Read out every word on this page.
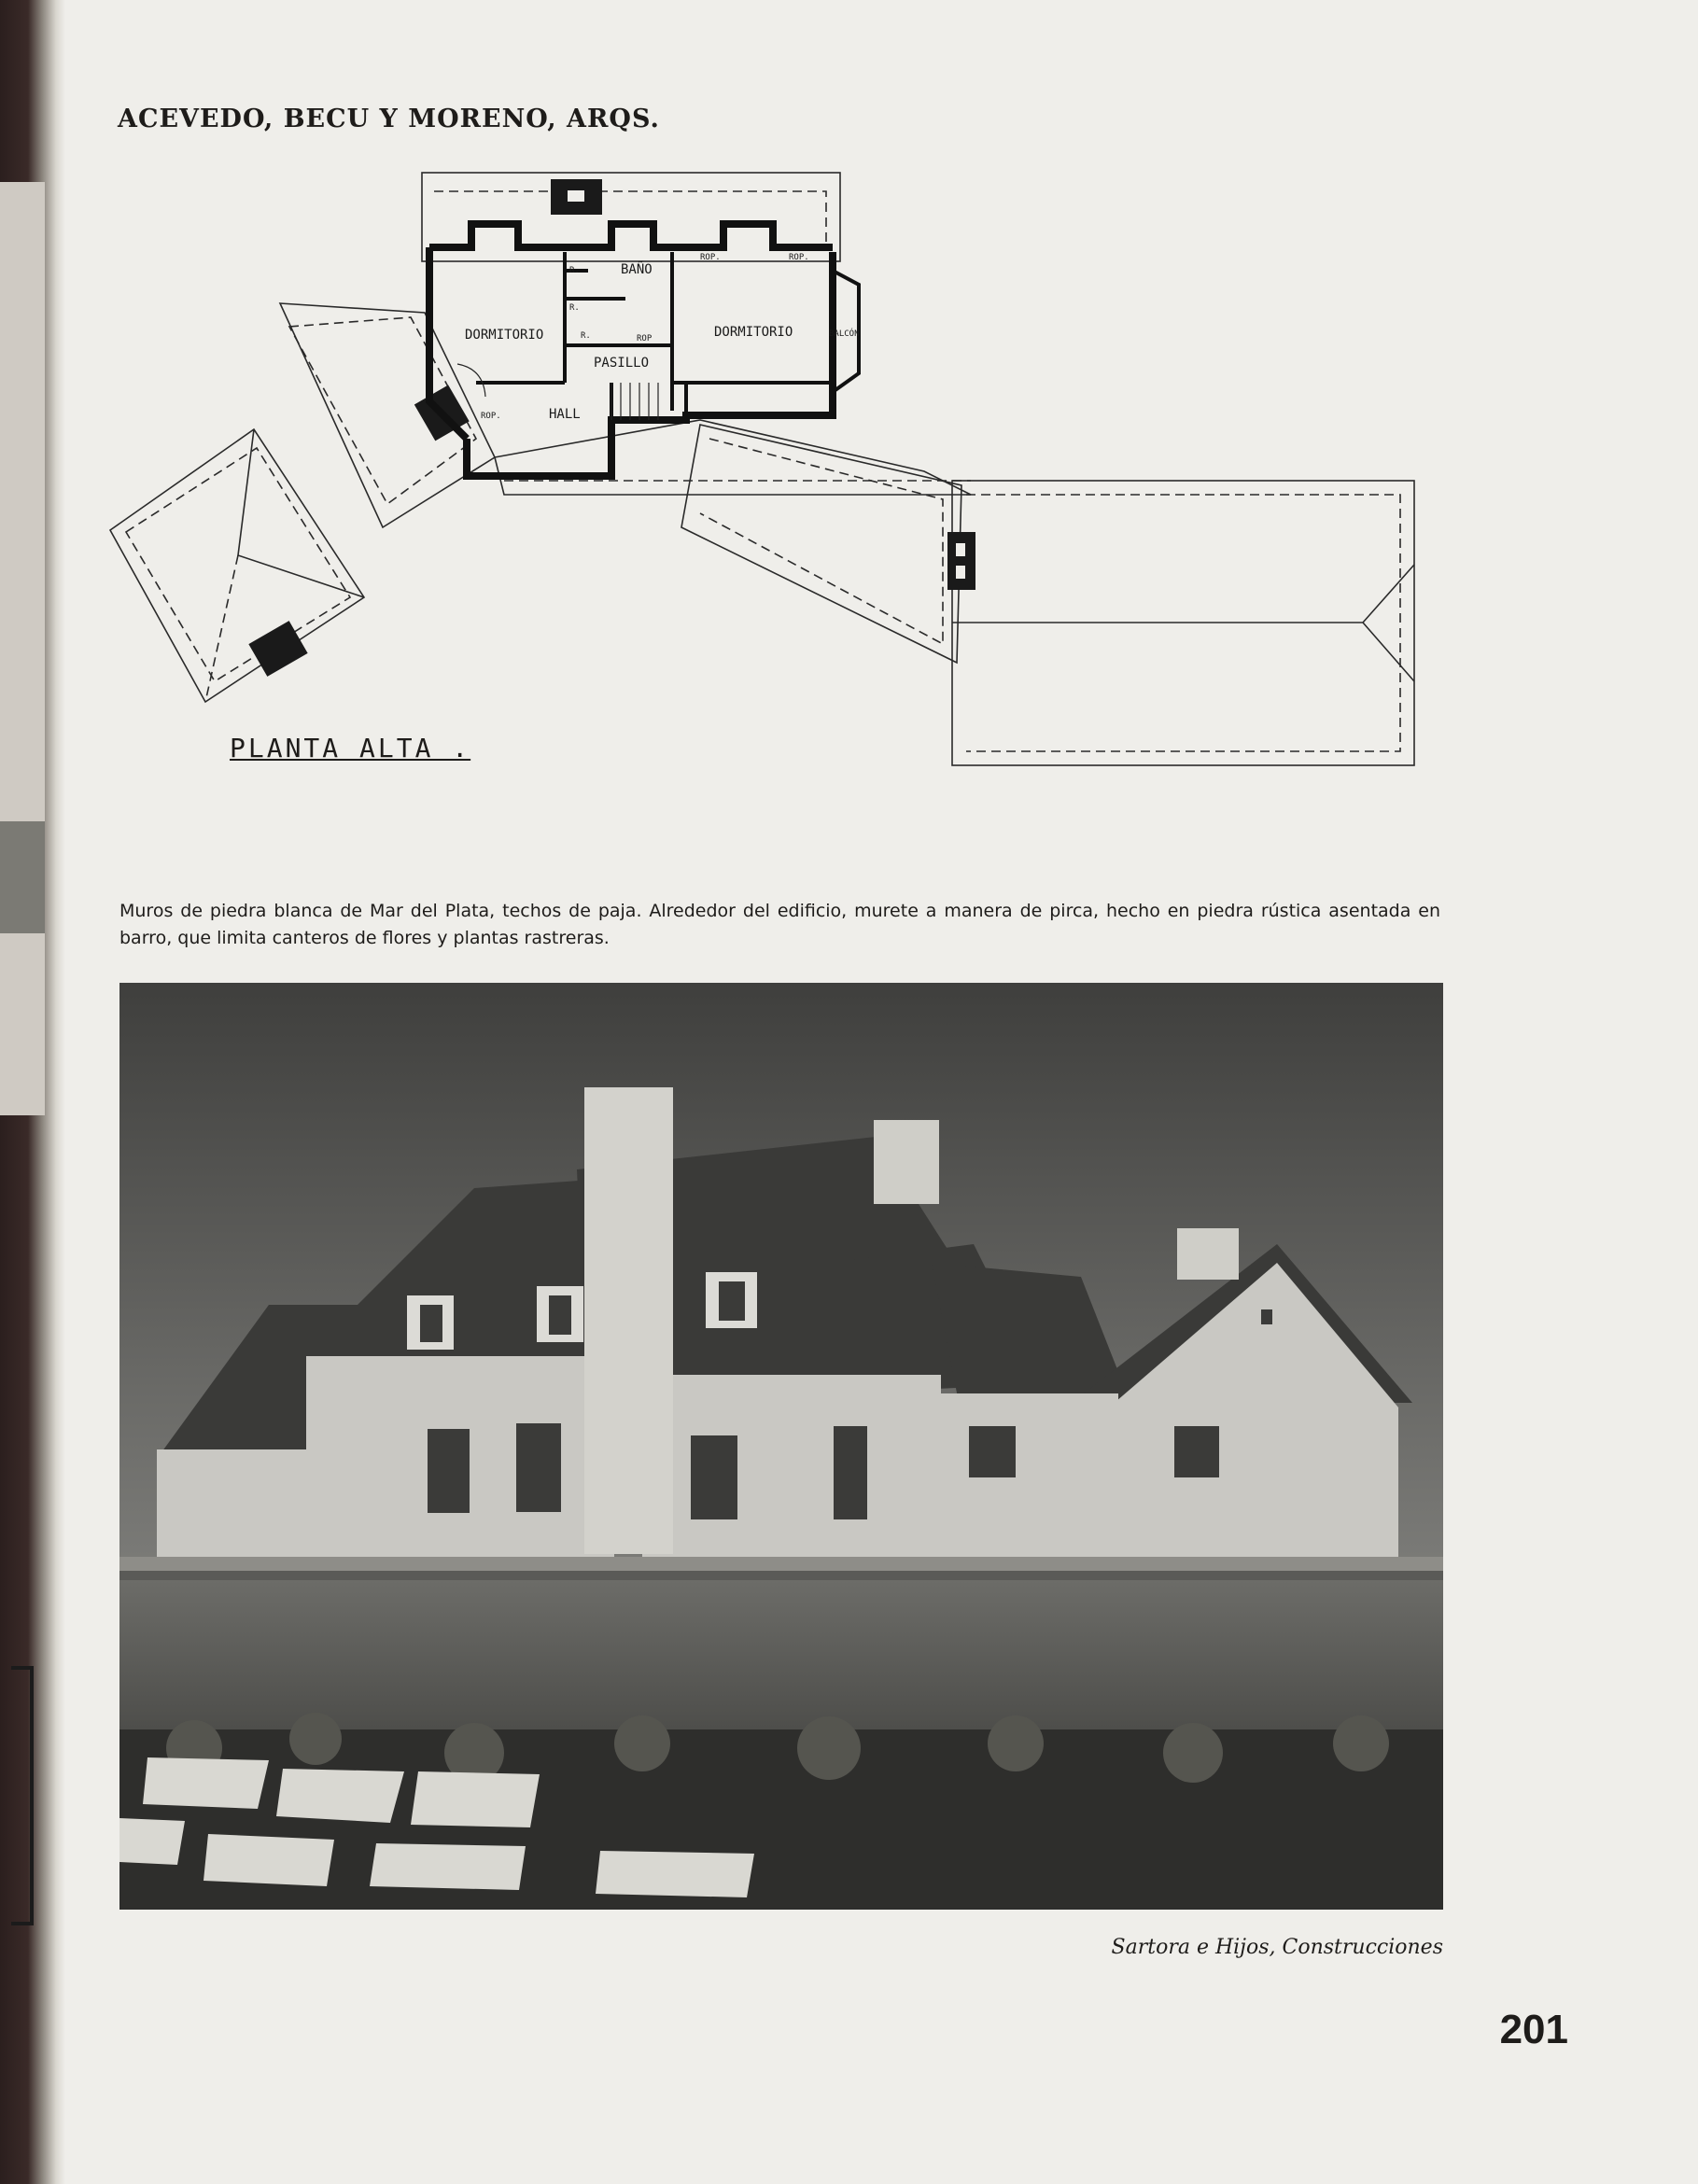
ACEVEDO, BECU Y MORENO, ARQS.
DORMITORIO	DORMITORIO
BAÑO
PASILLO
HALL
BALCÓN
ROP.
ROP.	ROP.
ROP
R.
R.
R.
PLANTA ALTA .
Muros de piedra blanca de Mar del Plata, techos de paja. Alrededor del edificio, murete a manera de pirca, hecho en piedra rústica asentada en barro, que limita canteros de flores y plantas rastreras.
Sartora e Hijos, Construcciones
201
